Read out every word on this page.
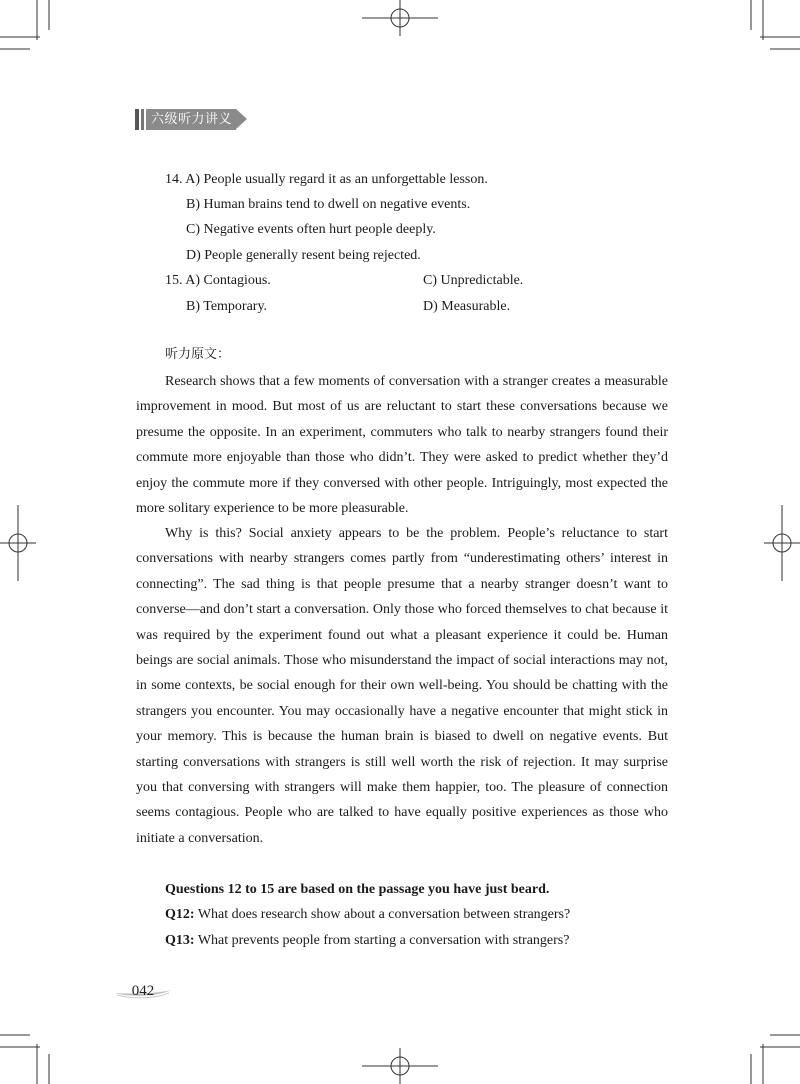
六级听力讲义
14. A) People usually regard it as an unforgettable lesson.
B) Human brains tend to dwell on negative events.
C) Negative events often hurt people deeply.
D) People generally resent being rejected.
15. A) Contagious.	C) Unpredictable.
B) Temporary.	D) Measurable.
听力原文：

Research shows that a few moments of conversation with a stranger creates a measurable improvement in mood. But most of us are reluctant to start these conversations because we presume the opposite. In an experiment, commuters who talk to nearby strangers found their commute more enjoyable than those who didn’t. They were asked to predict whether they’d enjoy the commute more if they conversed with other people. Intriguingly, most expected the more solitary experience to be more pleasurable.

Why is this? Social anxiety appears to be the problem. People’s reluctance to start conversations with nearby strangers comes partly from “underestimating others’ interest in connecting”. The sad thing is that people presume that a nearby stranger doesn’t want to converse—and don’t start a conversation. Only those who forced themselves to chat because it was required by the experiment found out what a pleasant experience it could be. Human beings are social animals. Those who misunderstand the impact of social interactions may not, in some contexts, be social enough for their own well-being. You should be chatting with the strangers you encounter. You may occasionally have a negative encounter that might stick in your memory. This is because the human brain is biased to dwell on negative events. But starting conversations with strangers is still well worth the risk of rejection. It may surprise you that conversing with strangers will make them happier, too. The pleasure of connection seems contagious. People who are talked to have equally positive experiences as those who initiate a conversation.

Questions 12 to 15 are based on the passage you have just beard.
Q12: What does research show about a conversation between strangers?
Q13: What prevents people from starting a conversation with strangers?
042
